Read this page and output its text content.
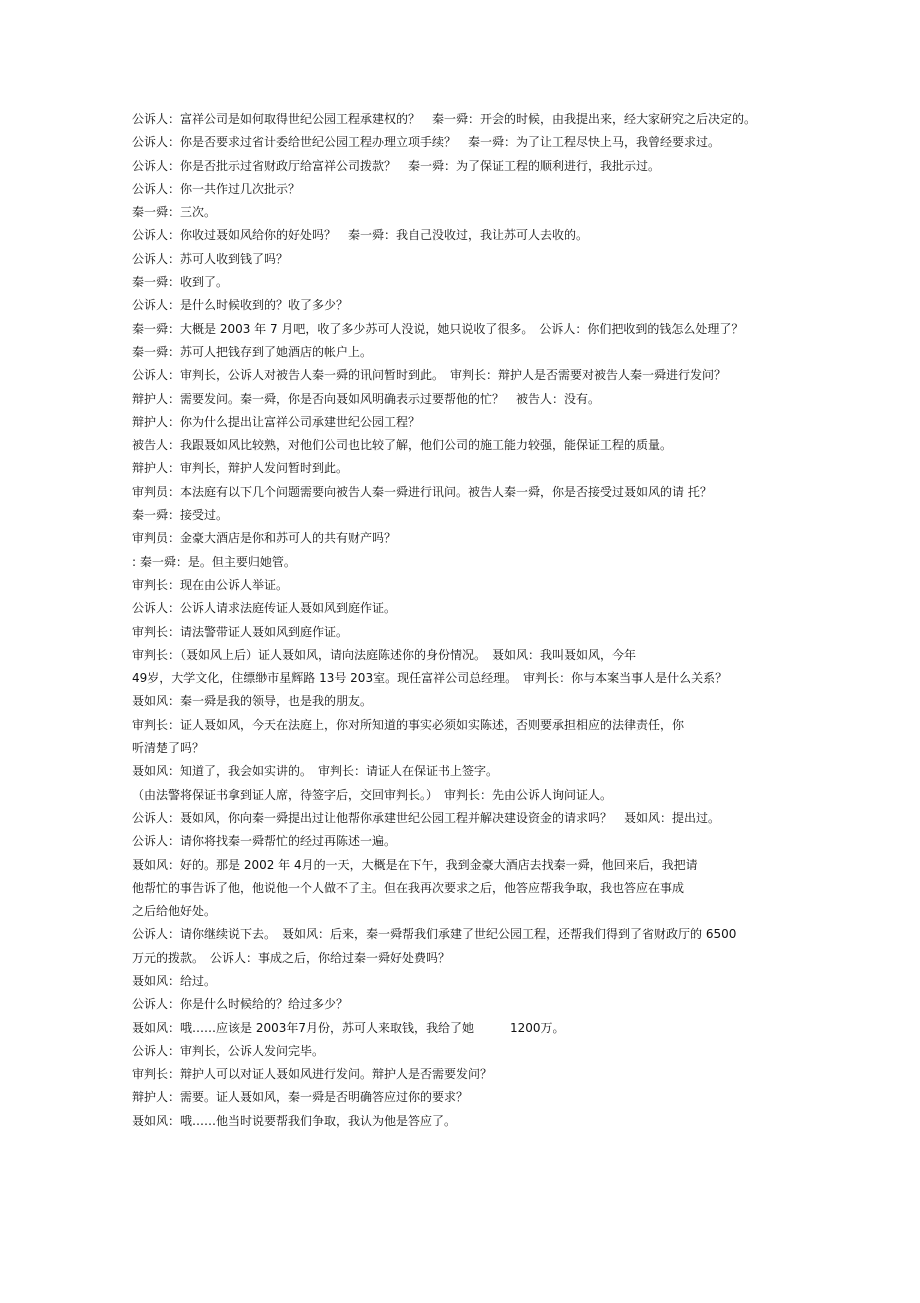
公诉人：富祥公司是如何取得世纪公园工程承建权的？　秦一舜：开会的时候，由我提出来，经大家研究之后决定的。
公诉人：你是否要求过省计委给世纪公园工程办理立项手续？　秦一舜：为了让工程尽快上马，我曾经要求过。
公诉人：你是否批示过省财政厅给富祥公司拨款？　秦一舜：为了保证工程的顺利进行，我批示过。
公诉人：你一共作过几次批示？
秦一舜：三次。
公诉人：你收过聂如风给你的好处吗？　秦一舜：我自己没收过，我让苏可人去收的。
公诉人：苏可人收到钱了吗？
秦一舜：收到了。
公诉人：是什么时候收到的？收了多少？
秦一舜：大概是 2003 年 7 月吧，收了多少苏可人没说，她只说收了很多。　公诉人：你们把收到的钱怎么处理了？
秦一舜：苏可人把钱存到了她酒店的帐户上。
公诉人：审判长，公诉人对被告人秦一舜的讯问暂时到此。　审判长：辩护人是否需要对被告人秦一舜进行发问？
辩护人：需要发问。秦一舜，你是否向聂如风明确表示过要帮他的忙？　被告人：没有。
辩护人：你为什么提出让富祥公司承建世纪公园工程？
被告人：我跟聂如风比较熟，对他们公司也比较了解，他们公司的施工能力较强，能保证工程的质量。
辩护人：审判长，辩护人发问暂时到此。
审判员：本法庭有以下几个问题需要向被告人秦一舜进行讯问。被告人秦一舜，你是否接受过聂如风的请 托？
秦一舜：接受过。
审判员：金豪大酒店是你和苏可人的共有财产吗？
: 秦一舜：是。但主要归她管。
审判长：现在由公诉人举证。
公诉人：公诉人请求法庭传证人聂如风到庭作证。
审判长：请法警带证人聂如风到庭作证。
审判长：（聂如风上后）证人聂如风，请向法庭陈述你的身份情况。　聂如风：我叫聂如风，今年
49岁，大学文化，住缥缈市星辉路 13号 203室。现任富祥公司总经理。　审判长：你与本案当事人是什么关系？
聂如风：秦一舜是我的领导，也是我的朋友。
审判长：证人聂如风，今天在法庭上，你对所知道的事实必须如实陈述，否则要承担相应的法律责任，你
听清楚了吗？
聂如风：知道了，我会如实讲的。　审判长：请证人在保证书上签字。
（由法警将保证书拿到证人席，待签字后，交回审判长。）　审判长：先由公诉人询问证人。
公诉人：聂如风，你向秦一舜提出过让他帮你承建世纪公园工程并解决建设资金的请求吗？　聂如风：提出过。
公诉人：请你将找秦一舜帮忙的经过再陈述一遍。
聂如风：好的。那是 2002 年 4月的一天，大概是在下午，我到金豪大酒店去找秦一舜，他回来后，我把请
他帮忙的事告诉了他，他说他一个人做不了主。但在我再次要求之后，他答应帮我争取，我也答应在事成
之后给他好处。
公诉人：请你继续说下去。　聂如风：后来，秦一舜帮我们承建了世纪公园工程，还帮我们得到了省财政厅的 6500
万元的拨款。　公诉人：事成之后，你给过秦一舜好处费吗？
聂如风：给过。
公诉人：你是什么时候给的？给过多少？
聂如风：哦……应该是 2003年7月份，苏可人来取钱，我给了她　　　1200万。
公诉人：审判长，公诉人发问完毕。
审判长：辩护人可以对证人聂如风进行发问。辩护人是否需要发问？
辩护人：需要。证人聂如风，秦一舜是否明确答应过你的要求？
聂如风：哦……他当时说要帮我们争取，我认为他是答应了。
